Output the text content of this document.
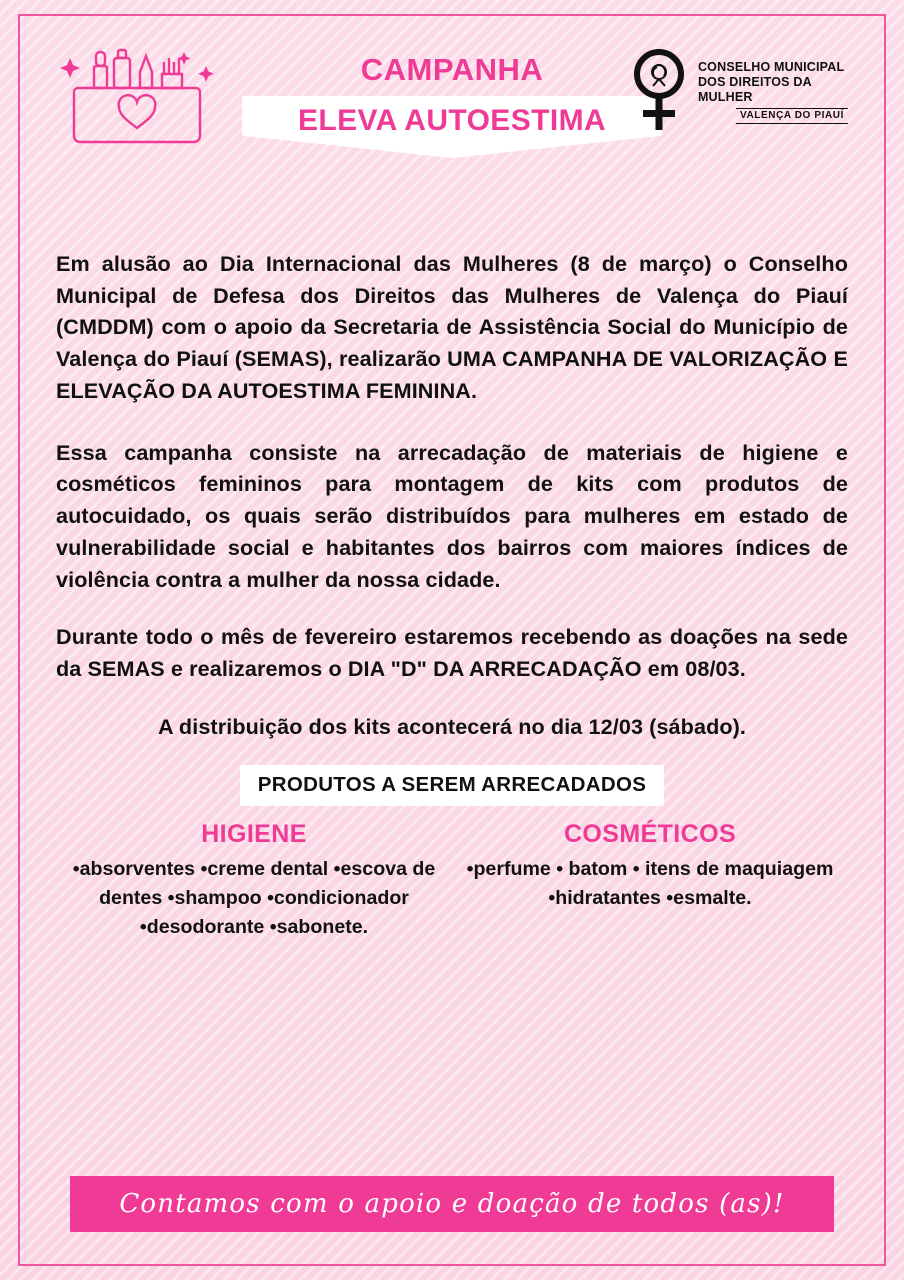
CAMPANHA
ELEVA AUTOESTIMA
CONSELHO MUNICIPAL
DOS DIREITOS DA
MULHER
VALENÇA DO PIAUÍ

Em alusão ao Dia Internacional das Mulheres (8 de março) o Conselho Municipal de Defesa dos Direitos das Mulheres de Valença do Piauí (CMDDM) com o apoio da Secretaria de Assistência Social do Município de Valença do Piauí (SEMAS), realizarão UMA CAMPANHA DE VALORIZAÇÃO E ELEVAÇÃO DA AUTOESTIMA FEMININA.

Essa campanha consiste na arrecadação de materiais de higiene e cosméticos femininos para montagem de kits com produtos de autocuidado, os quais serão distribuídos para mulheres em estado de vulnerabilidade social e habitantes dos bairros com maiores índices de violência contra a mulher da nossa cidade.

Durante todo o mês de fevereiro estaremos recebendo as doações na sede da SEMAS e realizaremos o DIA "D" DA ARRECADAÇÃO em 08/03.

A distribuição dos kits acontecerá no dia 12/03 (sábado).

PRODUTOS A SEREM ARRECADADOS
HIGIENE
•absorventes •creme dental •escova de dentes •shampoo •condicionador •desodorante •sabonete.
COSMÉTICOS
•perfume • batom • itens de maquiagem •hidratantes •esmalte.
Contamos com o apoio e doação de todos (as)!
